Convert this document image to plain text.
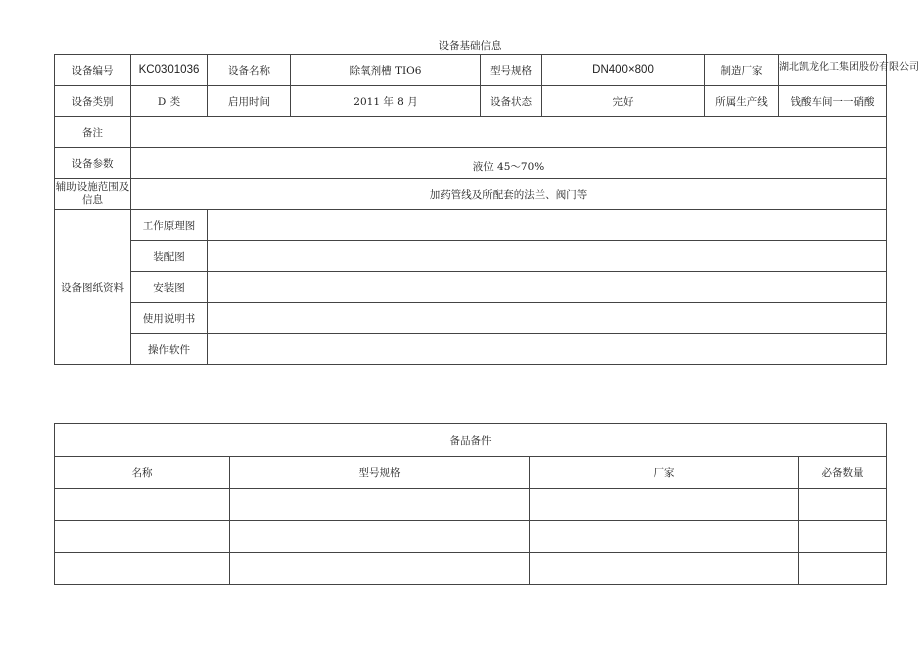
设备基础信息
设备编号	KC0301036	设备名称	除氧剂槽 TIO6	型号规格	DN400×800	制造厂家	湖北凯龙化工集团股份有限公司
设备类别	D 类	启用时间	2011 年 8 月	设备状态	完好	所属生产线	钱酸车间一一硝酸
备注							
设备参数	液位 45～70%						
辅助设施范围及信息	加药管线及所配套的法兰、阀门等						
设备图纸资料	工作原理图						
	装配图						
	安装图						
	使用说明书						
	操作软件						
备品备件			
名称	型号规格	厂家	必备数量
